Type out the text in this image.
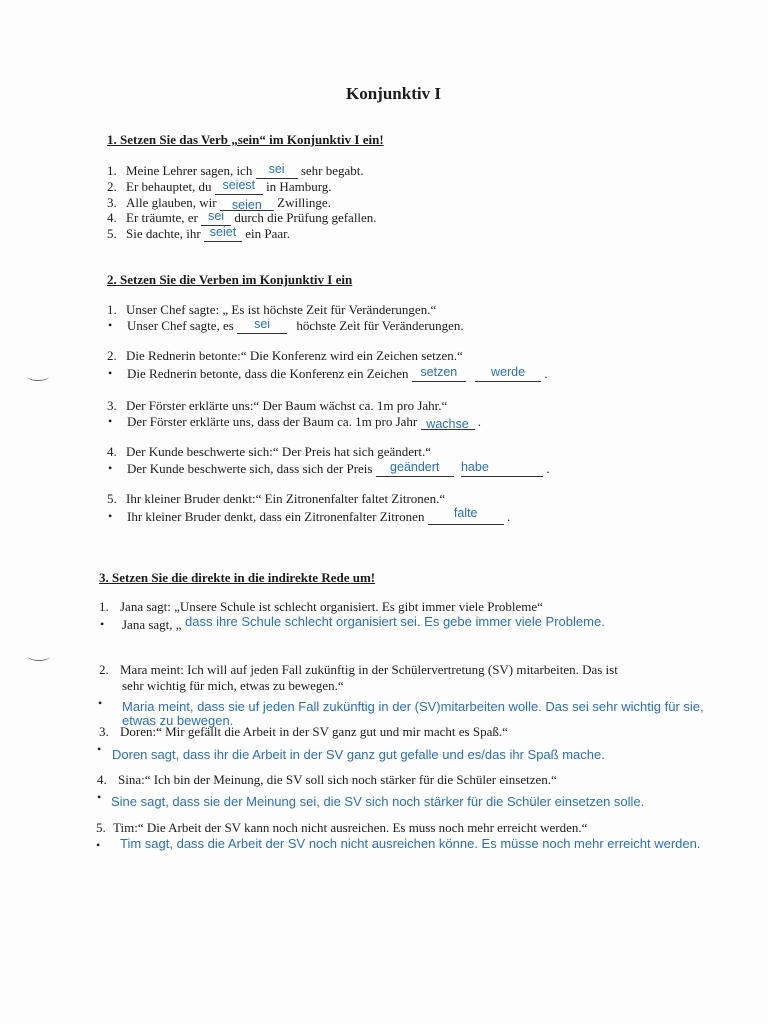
Konjunktiv I
1. Setzen Sie das Verb „sein“ im Konjunktiv I ein!
1. Meine Lehrer sagen, ich sei sehr begabt.
2. Er behauptet, du seiest in Hamburg.
3. Alle glauben, wir seien Zwillinge.
4. Er träumte, er sei durch die Prüfung gefallen.
5. Sie dachte, ihr seiet ein Paar.
2. Setzen Sie die Verben im Konjunktiv I ein
1. Unser Chef sagte: „ Es ist höchste Zeit für Veränderungen.“
• Unser Chef sagte, es sei höchste Zeit für Veränderungen.
2. Die Rednerin betonte:“ Die Konferenz wird ein Zeichen setzen.“
• Die Rednerin betonte, dass die Konferenz ein Zeichen setzen	werde .
3. Der Förster erklärte uns:“ Der Baum wächst ca. 1m pro Jahr.“
• Der Förster erklärte uns, dass der Baum ca. 1m pro Jahr wachse .
4. Der Kunde beschwerte sich:“ Der Preis hat sich geändert.“
• Der Kunde beschwerte sich, dass sich der Preis geändert habe	.
5. Ihr kleiner Bruder denkt:“ Ein Zitronenfalter faltet Zitronen.“
• Ihr kleiner Bruder denkt, dass ein Zitronenfalter Zitronen falte .
3. Setzen Sie die direkte in die indirekte Rede um!
1. Jana sagt: „Unsere Schule ist schlecht organisiert. Es gibt immer viele Probleme“
• Jana sagt, „ dass ihre Schule schlecht organisiert sei. Es gebe immer viele Probleme.
2. Mara meint: Ich will auf jeden Fall zukünftig in der Schülervertretung (SV) mitarbeiten. Das ist
sehr wichtig für mich, etwas zu bewegen.“
• Maria meint, dass sie uf jeden Fall zukünftig in der (SV)mitarbeiten wolle. Das sei sehr wichtig für sie,
etwas zu bewegen.
3. Doren:“ Mir gefällt die Arbeit in der SV ganz gut und mir macht es Spaß.“
• Doren sagt, dass ihr die Arbeit in der SV ganz gut gefalle und es/das ihr Spaß mache.
4. Sina:“ Ich bin der Meinung, die SV soll sich noch stärker für die Schüler einsetzen.“
• Sine sagt, dass sie der Meinung sei, die SV sich noch stärker für die Schüler einsetzen solle.
5. Tim:“ Die Arbeit der SV kann noch nicht ausreichen. Es muss noch mehr erreicht werden.“
• Tim sagt, dass die Arbeit der SV noch nicht ausreichen könne. Es müsse noch mehr erreicht werden.
